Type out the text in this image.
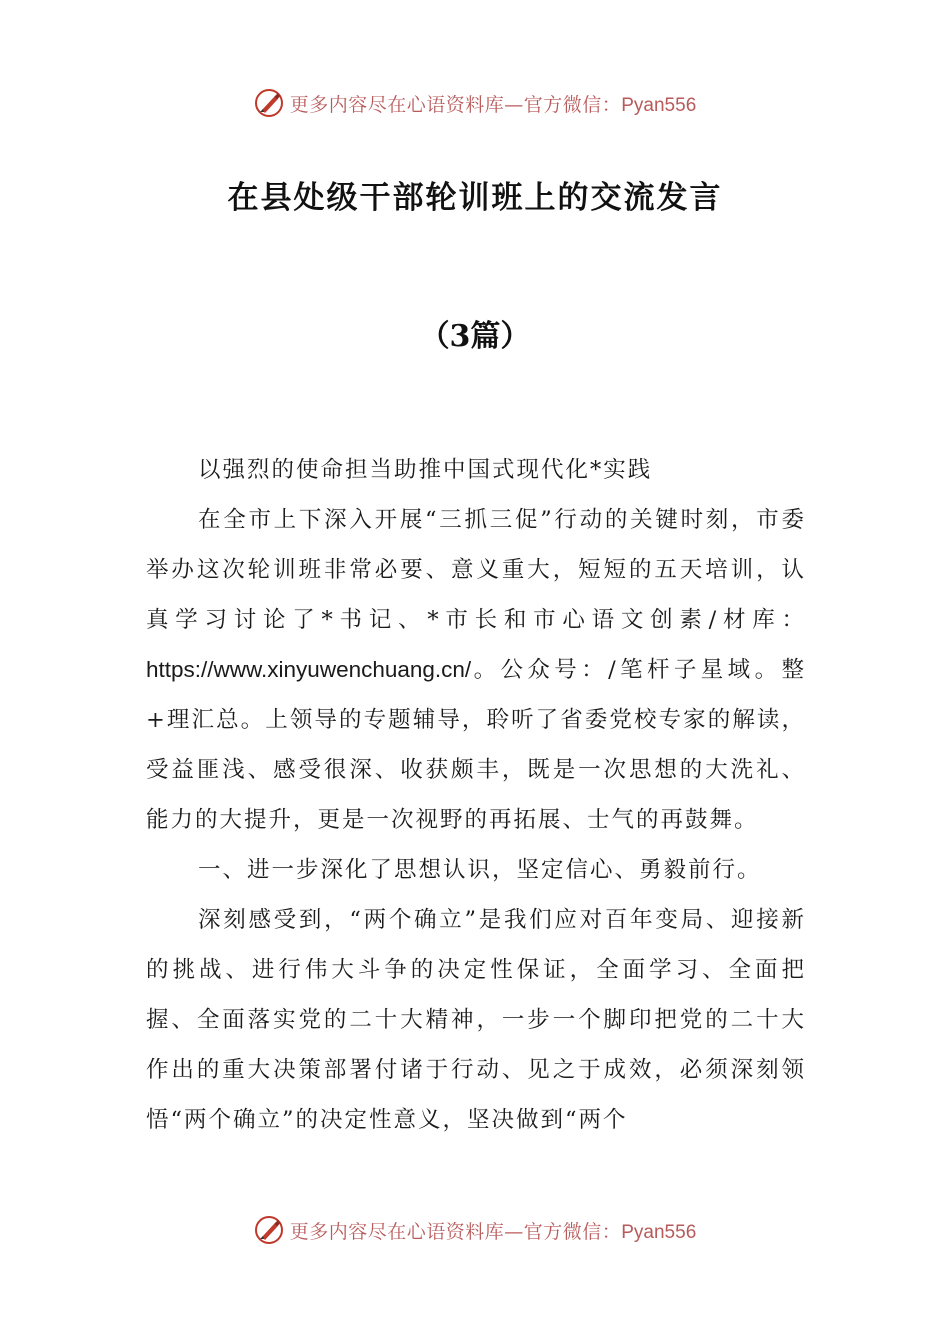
更多内容尽在心语资料库—官方微信：Pyan556
在县处级干部轮训班上的交流发言
（3篇）

以强烈的使命担当助推中国式现代化*实践

在全市上下深入开展“三抓三促”行动的关键时刻，市委举办这次轮训班非常必要、意义重大，短短的五天培训，认真学习讨论了*书记、*市长和市心语文创素/材库：https://www.xinyuwenchuang.cn/。公众号：/笔杆子星域。整+理汇总。上领导的专题辅导，聆听了省委党校专家的解读，受益匪浅、感受很深、收获颇丰，既是一次思想的大洗礼、能力的大提升，更是一次视野的再拓展、士气的再鼓舞。

一、进一步深化了思想认识，坚定信心、勇毅前行。

深刻感受到，“两个确立”是我们应对百年变局、迎接新的挑战、进行伟大斗争的决定性保证，全面学习、全面把握、全面落实党的二十大精神，一步一个脚印把党的二十大作出的重大决策部署付诸于行动、见之于成效，必须深刻领悟“两个确立”的决定性意义，坚决做到“两个

更多内容尽在心语资料库—官方微信：Pyan556
